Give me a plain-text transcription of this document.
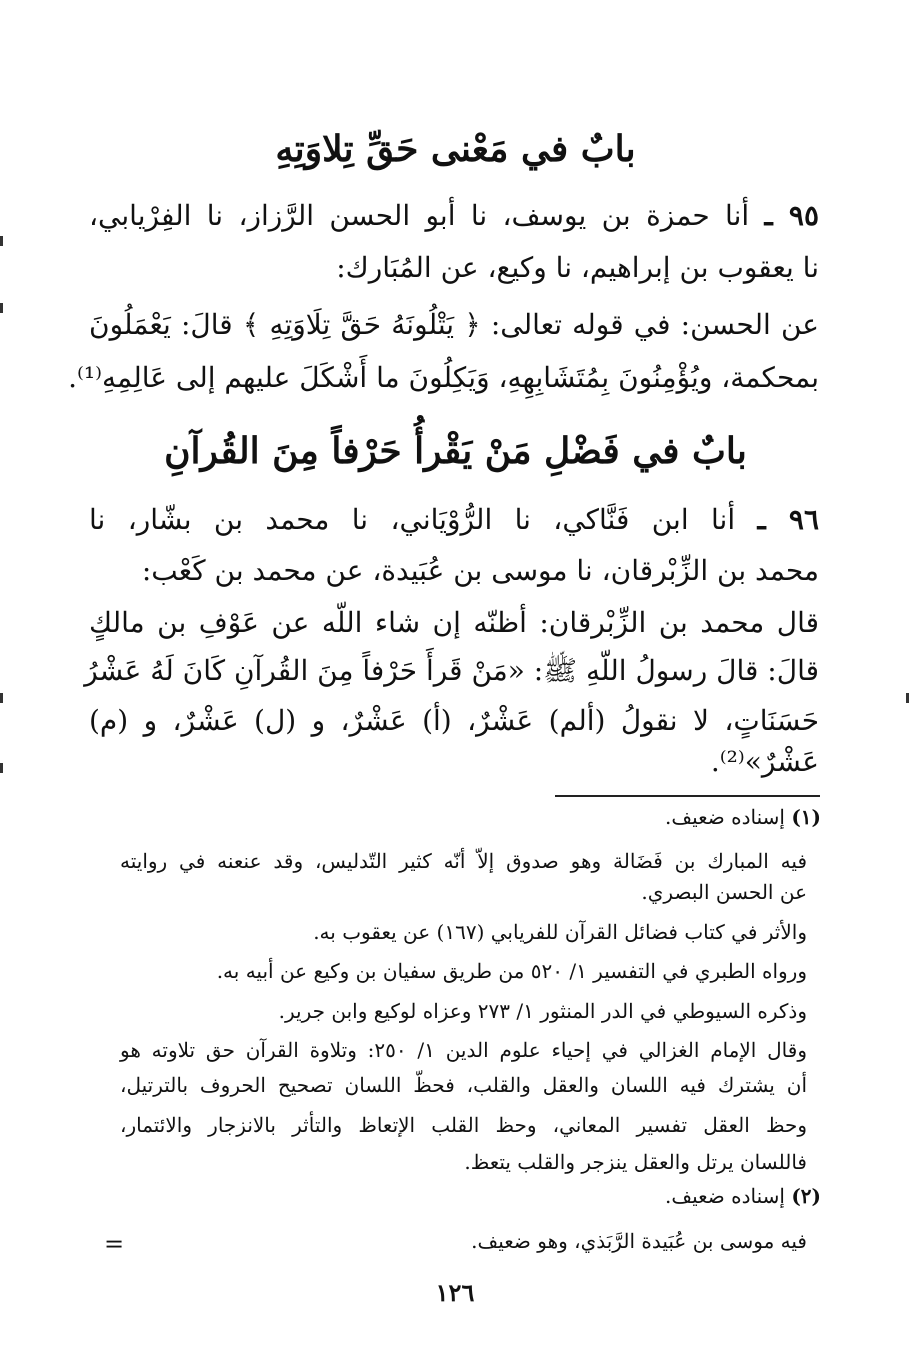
بابٌ في مَعْنى حَقِّ تِلاوَتِهِ
٩٥ ـ أنا حمزة بن يوسف، نا أبو الحسن الرَّزاز، نا الفِرْيابي،
نا يعقوب بن إبراهيم، نا وكيع، عن المُبَارك:
عن الحسن: في قوله تعالى: ﴿ يَتْلُونَهُ حَقَّ تِلَاوَتِهِ ﴾ قالَ: يَعْمَلُونَ
بمحكمة، ويُؤْمِنُونَ بِمُتَشَابِهِهِ، وَيَكِلُونَ ما أَشْكَلَ عليهم إلى عَالِمِهِ⁽¹⁾.
بابٌ في فَضْلِ مَنْ يَقْرأُ حَرْفاً مِنَ القُرآنِ
٩٦ ـ أنا ابن فَنَّاكي، نا الرُّوْيَاني، نا محمد بن بشّار، نا
محمد بن الزِّبْرقان، نا موسى بن عُبَيدة، عن محمد بن كَعْب:
قال محمد بن الزِّبْرقان: أظنّه إن شاء اللّه عن عَوْفِ بن مالكٍ
قالَ: قالَ رسولُ اللّهِ ﷺ: «مَنْ قَرأَ حَرْفاً مِنَ القُرآنِ كَانَ لَهُ عَشْرُ
حَسَنَاتٍ، لا نقولُ (ألم) عَشْرٌ، (أ) عَشْرٌ، و (ل) عَشْرٌ، و (م)
عَشْرٌ»⁽²⁾.
(١) إسناده ضعيف.
فيه المبارك بن فَضَالة وهو صدوق إلاّ أنّه كثير التّدليس، وقد عنعنه في روايته
عن الحسن البصري.
والأثر في كتاب فضائل القرآن للفريابي (١٦٧) عن يعقوب به.
ورواه الطبري في التفسير ١/ ٥٢٠ من طريق سفيان بن وكيع عن أبيه به.
وذكره السيوطي في الدر المنثور ١/ ٢٧٣ وعزاه لوكيع وابن جرير.
وقال الإمام الغزالي في إحياء علوم الدين ١/ ٢٥٠: وتلاوة القرآن حق تلاوته هو
أن يشترك فيه اللسان والعقل والقلب، فحظّ اللسان تصحيح الحروف بالترتيل،
وحظ العقل تفسير المعاني، وحظ القلب الإتعاظ والتأثر بالانزجار والائتمار،
فاللسان يرتل والعقل ينزجر والقلب يتعظ.
(٢) إسناده ضعيف.
فيه موسى بن عُبَيدة الرَّبَذي، وهو ضعيف.
=
١٢٦
